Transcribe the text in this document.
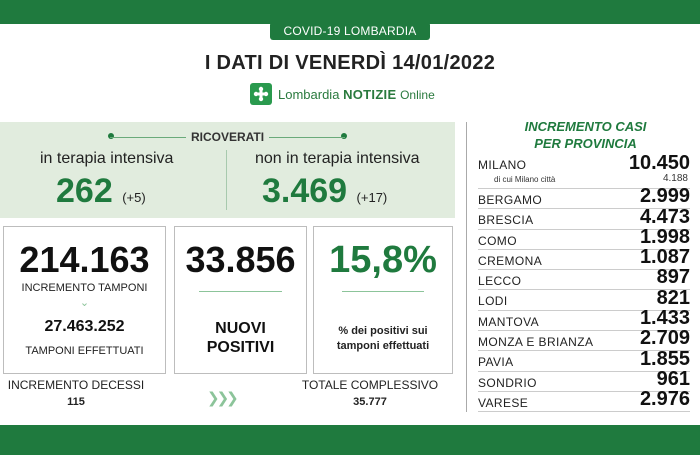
COVID-19 LOMBARDIA
I DATI DI VENERDÌ 14/01/2022
Lombardia NOTIZIE Online
RICOVERATI
in terapia intensiva
262 (+5)
non in terapia intensiva
3.469 (+17)
214.163
INCREMENTO TAMPONI
⌄
27.463.252
TAMPONI EFFETTUATI
33.856
NUOVI
POSITIVI
15,8%
% dei positivi sui
tamponi effettuati
INCREMENTO DECESSI
115	❯❯❯
TOTALE COMPLESSIVO
35.777
INCREMENTO CASI
PER PROVINCIA
MILANO	10.450
di cui Milano città	4.188
BERGAMO	2.999
BRESCIA	4.473
COMO	1.998
CREMONA	1.087
LECCO	897
LODI	821
MANTOVA	1.433
MONZA E BRIANZA 2.709
PAVIA	1.855
SONDRIO	961
VARESE	2.976
